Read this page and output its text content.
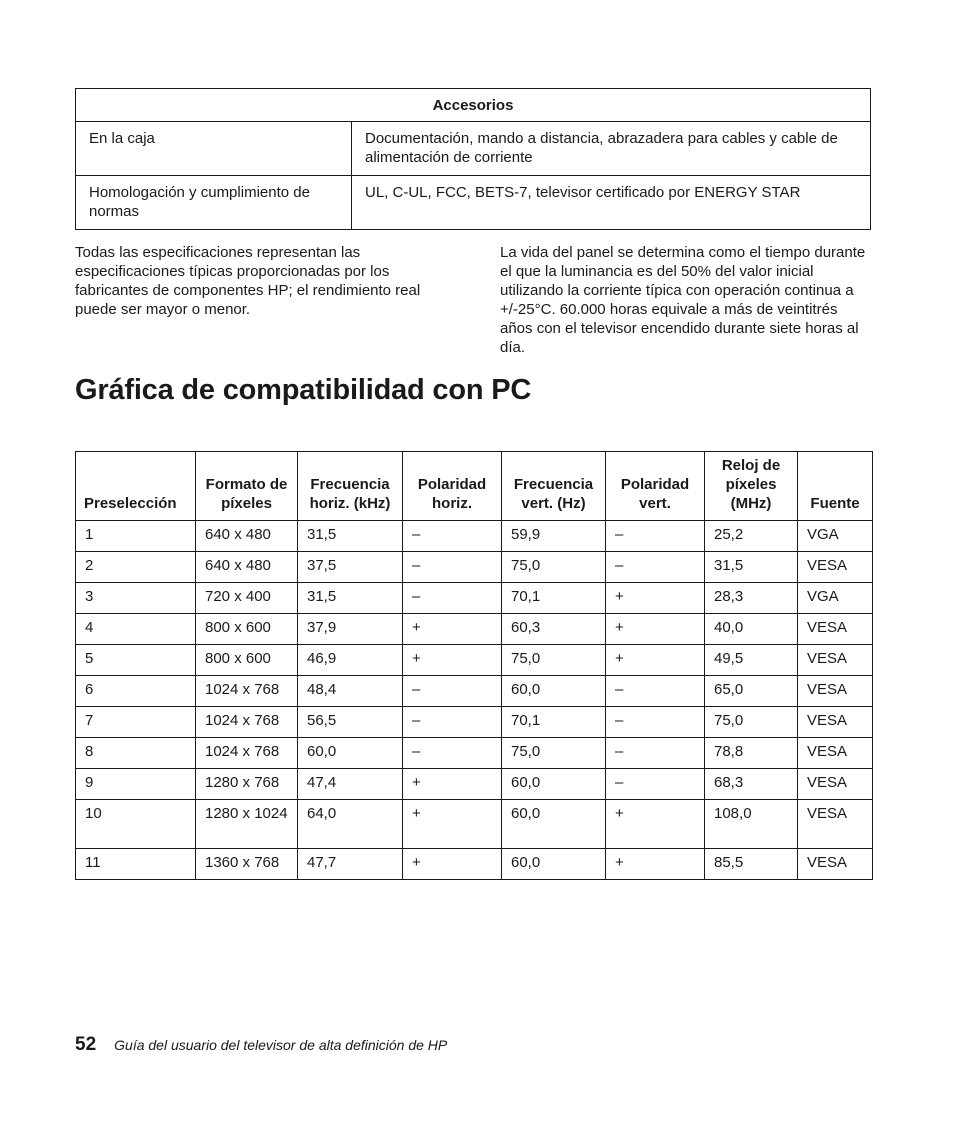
Accesorios	
En la caja	Documentación, mando a distancia, abrazadera para cables y cable de alimentación de corriente
Homologación y cumplimiento de normas	UL, C-UL, FCC, BETS-7, televisor certificado por ENERGY STAR

Todas las especificaciones representan las especificaciones típicas proporcionadas por los fabricantes de componentes HP; el rendimiento real puede ser mayor o menor.

La vida del panel se determina como el tiempo durante el que la luminancia es del 50% del valor inicial utilizando la corriente típica con operación continua a +/-25°C. 60.000 horas equivale a más de veintitrés años con el televisor encendido durante siete horas al día.

Gráfica de compatibilidad con PC
Preselección	Formato de píxeles	Frecuencia horiz. (kHz)	Polaridad horiz.	Frecuencia vert. (Hz)	Polaridad vert.	Reloj de píxeles (MHz)	Fuente
1	640 x 480	31,5	–	59,9	–	25,2	VGA
2	640 x 480	37,5	–	75,0	–	31,5	VESA
3	720 x 400	31,5	–	70,1	+	28,3	VGA
4	800 x 600	37,9	+	60,3	+	40,0	VESA
5	800 x 600	46,9	+	75,0	+	49,5	VESA
6	1024 x 768	48,4	–	60,0	–	65,0	VESA
7	1024 x 768	56,5	–	70,1	–	75,0	VESA
8	1024 x 768	60,0	–	75,0	–	78,8	VESA
9	1280 x 768	47,4	+	60,0	–	68,3	VESA
10	1280 x 1024	64,0	+	60,0	+	108,0	VESA
11	1360 x 768	47,7	+	60,0	+	85,5	VESA
52 Guía del usuario del televisor de alta definición de HP
